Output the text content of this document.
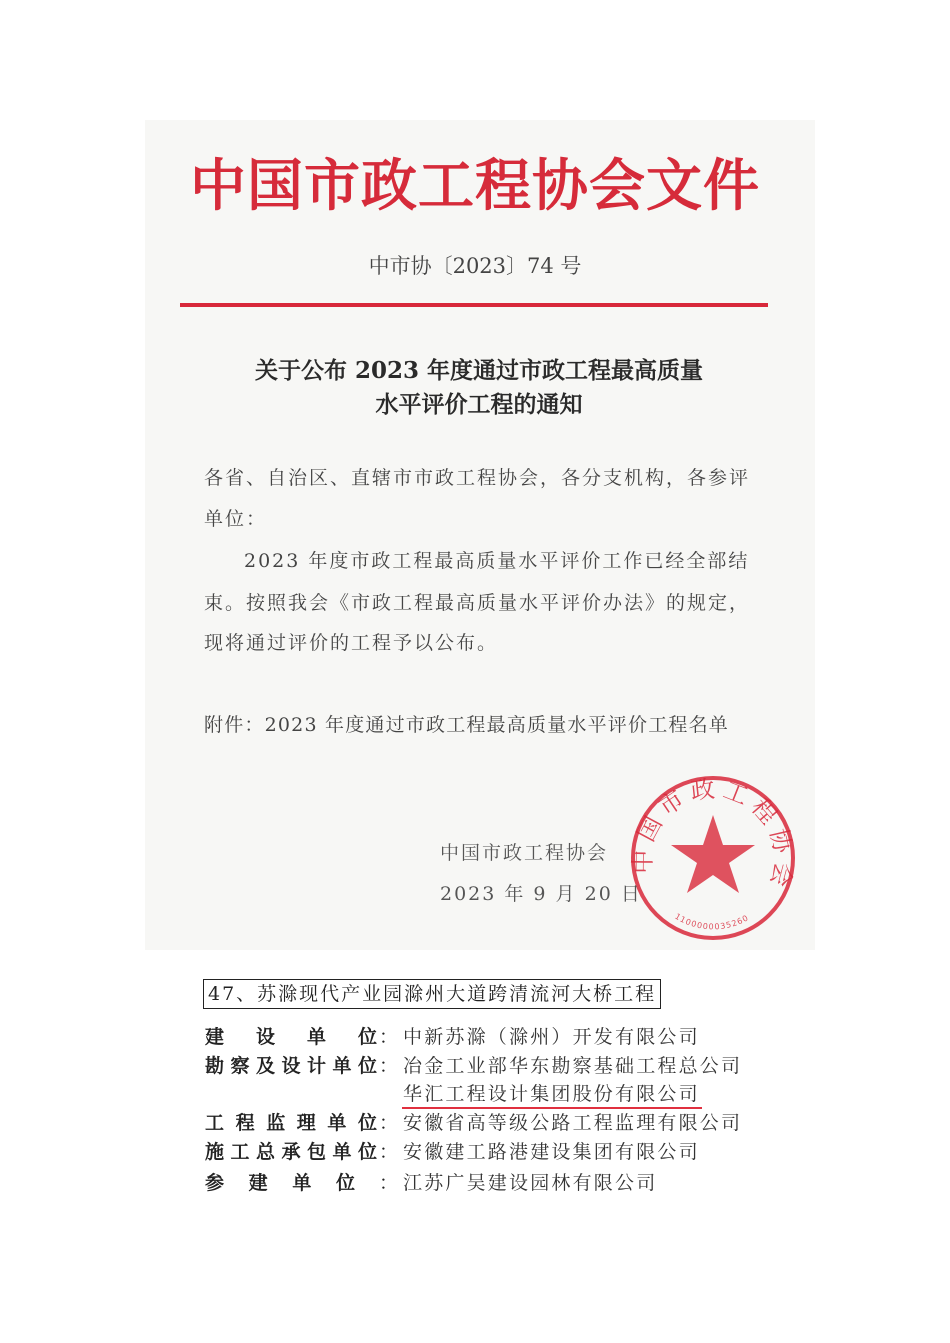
中国市政工程协会文件
中市协〔2023〕74 号
关于公布 2023 年度通过市政工程最高质量
水平评价工程的通知
各省、自治区、直辖市市政工程协会，各分支机构，各参评
单位：
2023 年度市政工程最高质量水平评价工作已经全部结
束。按照我会《市政工程最高质量水平评价办法》的规定，
现将通过评价的工程予以公布。
附件：2023 年度通过市政工程最高质量水平评价工程名单
中国市政工程协会
1100000035260
中国市政工程协会
2023 年 9 月 20 日
47、苏滁现代产业园滁州大道跨清流河大桥工程
建设单位 ： 中新苏滁（滁州）开发有限公司
勘察及设计单位 ： 冶金工业部华东勘察基础工程总公司
华汇工程设计集团股份有限公司
工程监理单位 ： 安徽省高等级公路工程监理有限公司
施工总承包单位 ： 安徽建工路港建设集团有限公司
参建单位 ： 江苏广吴建设园林有限公司
